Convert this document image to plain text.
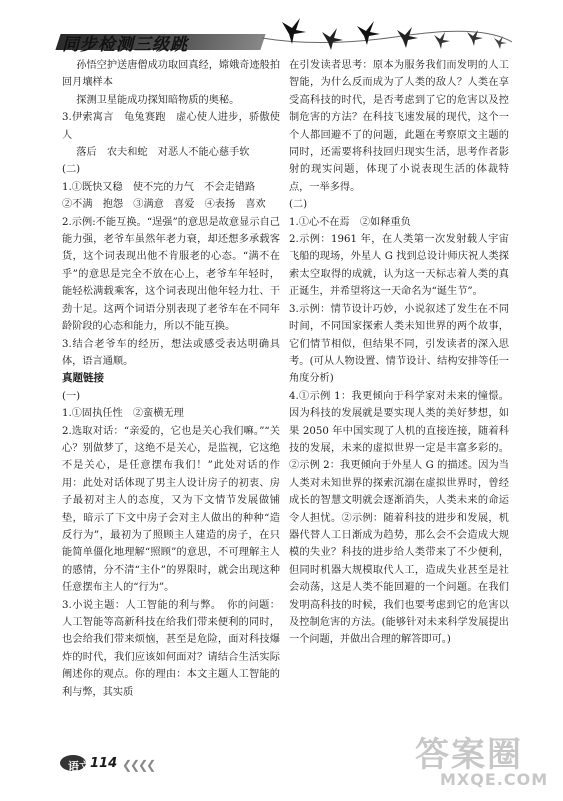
同步检测三级跳

孙悟空护送唐僧成功取回真经，嫦娥奇迹般拍回月壤样本

探测卫星能成功探知暗物质的奥秘。

3.伊索寓言　龟兔赛跑　虚心使人进步，骄傲使人

落后　农夫和蛇　对恶人不能心慈手软

(二)

1.①既快又稳　使不完的力气　不会走错路

②不满　抱怨　③满意　喜爱　④表扬　喜欢

2.示例:不能互换。“逞强”的意思是故意显示自己能力强，老爷车虽然年老力衰，却还想多承载客货，这个词表现出他不肯服老的心态。“满不在乎”的意思是完全不放在心上，老爷车年轻时，能轻松满载乘客，这个词表现出他年轻力壮、干劲十足。这两个词语分别表现了老爷车在不同年龄阶段的心态和能力，所以不能互换。

3.结合老爷车的经历，想法或感受表达明确具体，语言通顺。

真题链接

(一)

1.①固执任性　②蛮横无理

2.选取对话：“亲爱的，它也是关心我们嘛。”“关心？别做梦了，这绝不是关心，是监视，它这绝不是关心，是任意摆布我们！”此处对话的作用：此处对话体现了男主人设计房子的初衷、房子最初对主人的态度，又为下文情节发展做铺垫，暗示了下文中房子会对主人做出的种种“造反行为”，最初为了照顾主人建造的房子，在只能简单僵化地理解“照顾”的意思，不可理解主人的感情，分不清“主仆”的界限时，就会出现这种任意摆布主人的“行为”。

3.小说主题：人工智能的利与弊。　你的问题：人工智能等高新科技在给我们带来便利的同时，也会给我们带来烦恼，甚至是危险，面对科技爆炸的时代，我们应该如何面对？请结合生活实际阐述你的观点。你的理由：本文主题人工智能的利与弊，其实质

在引发读者思考：原本为服务我们而发明的人工智能，为什么反而成为了人类的敌人？人类在享受高科技的时代，是否考虑到了它的危害以及控制危害的方法？在科技飞速发展的现代，这个一个人都回避不了的问题，此题在考察原文主题的同时，还需要将科技回归现实生活，思考作者影射的现实问题，体现了小说表现生活的体裁特点，一举多得。

(二)

1.①心不在焉　②如释重负

2.示例：1961 年，在人类第一次发射载人宇宙飞船的现场，外星人 G 找到总设计师庆祝人类探索太空取得的成就，认为这一天标志着人类的真正诞生，并希望将这一天命名为“诞生节”。

3.示例：情节设计巧妙，小说叙述了发生在不同时间，不同国家探索人类未知世界的两个故事，它们情节相似，但结果不同，引发读者的深入思考。(可从人物设置、情节设计、结构安排等任一角度分析)

4.①示例 1：我更倾向于科学家对未来的憧憬。因为科技的发展就是要实现人类的美好梦想，如果 2050 年中国实现了人机的直接连接，随着科技的发展，未来的虚拟世界一定是丰富多彩的。②示例 2：我更倾向于外星人 G 的描述。因为当人类对未知世界的探索沉溺在虚拟世界时，曾经成长的智慧文明就会逐渐消失，人类未来的命运令人担忧。②示例：随着科技的进步和发展，机器代替人工日渐成为趋势，那么会不会造成大规模的失业？科技的进步给人类带来了不少便利，但同时机器大规模取代人工，造成失业甚至是社会动荡，这是人类不能回避的一个问题。在我们发明高科技的时候，我们也要考虑到它的危害以及控制危害的方法。(能够针对未来科学发展提出一个问题，并做出合理的解答即可。)

语文 114 ❮❮❮❮	答案圈
MXQE.COM
